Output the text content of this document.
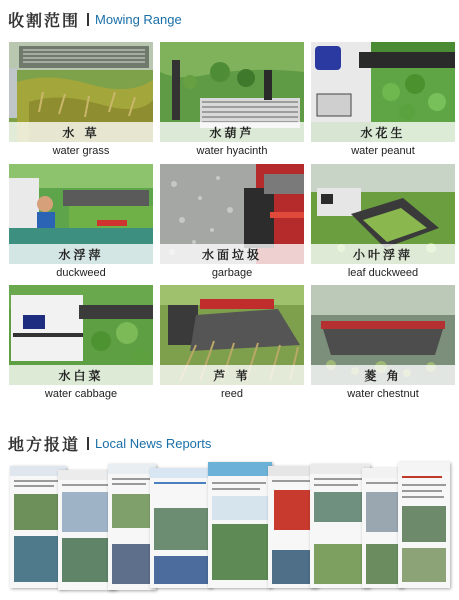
收割范围 Mowing Range
水 草
water grass
水葫芦
water hyacinth
水花生
water peanut
水浮萍
duckweed
水面垃圾
garbage
小叶浮萍
leaf duckweed
水白菜
water cabbage
芦 苇
reed
菱 角
water chestnut
地方报道 Local News Reports
